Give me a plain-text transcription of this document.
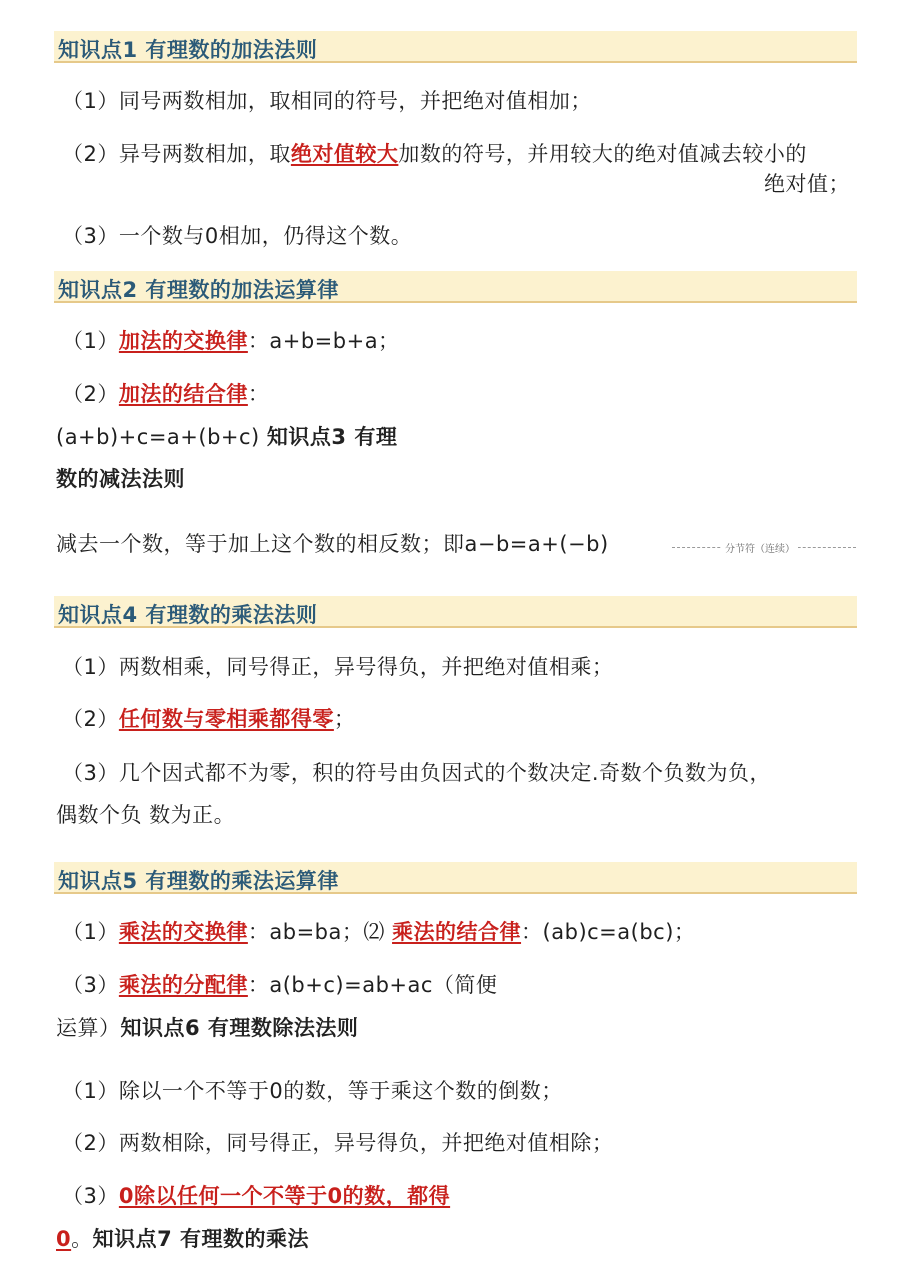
知识点1 有理数的加法法则
（1）同号两数相加，取相同的符号，并把绝对值相加；
（2）异号两数相加，取绝对值较大加数的符号，并用较大的绝对值减去较小的
绝对值；
（3）一个数与0相加，仍得这个数。
知识点2 有理数的加法运算律
（1）加法的交换律：a+b=b+a；
（2）加法的结合律：
(a+b)+c=a+(b+c) 知识点3 有理
数的减法法则
减去一个数，等于加上这个数的相反数；即a−b=a+(−b)	分节符（连续）
知识点4 有理数的乘法法则
（1）两数相乘，同号得正，异号得负，并把绝对值相乘；
（2）任何数与零相乘都得零；
（3）几个因式都不为零，积的符号由负因式的个数决定.奇数个负数为负，
偶数个负 数为正。
知识点5 有理数的乘法运算律
（1）乘法的交换律：ab=ba；⑵ 乘法的结合律：(ab)c=a(bc)；
（3）乘法的分配律：a(b+c)=ab+ac（简便
运算）知识点6 有理数除法法则
（1）除以一个不等于0的数，等于乘这个数的倒数；
（2）两数相除，同号得正，异号得负，并把绝对值相除；
（3）0除以任何一个不等于0的数，都得
0。知识点7 有理数的乘法
